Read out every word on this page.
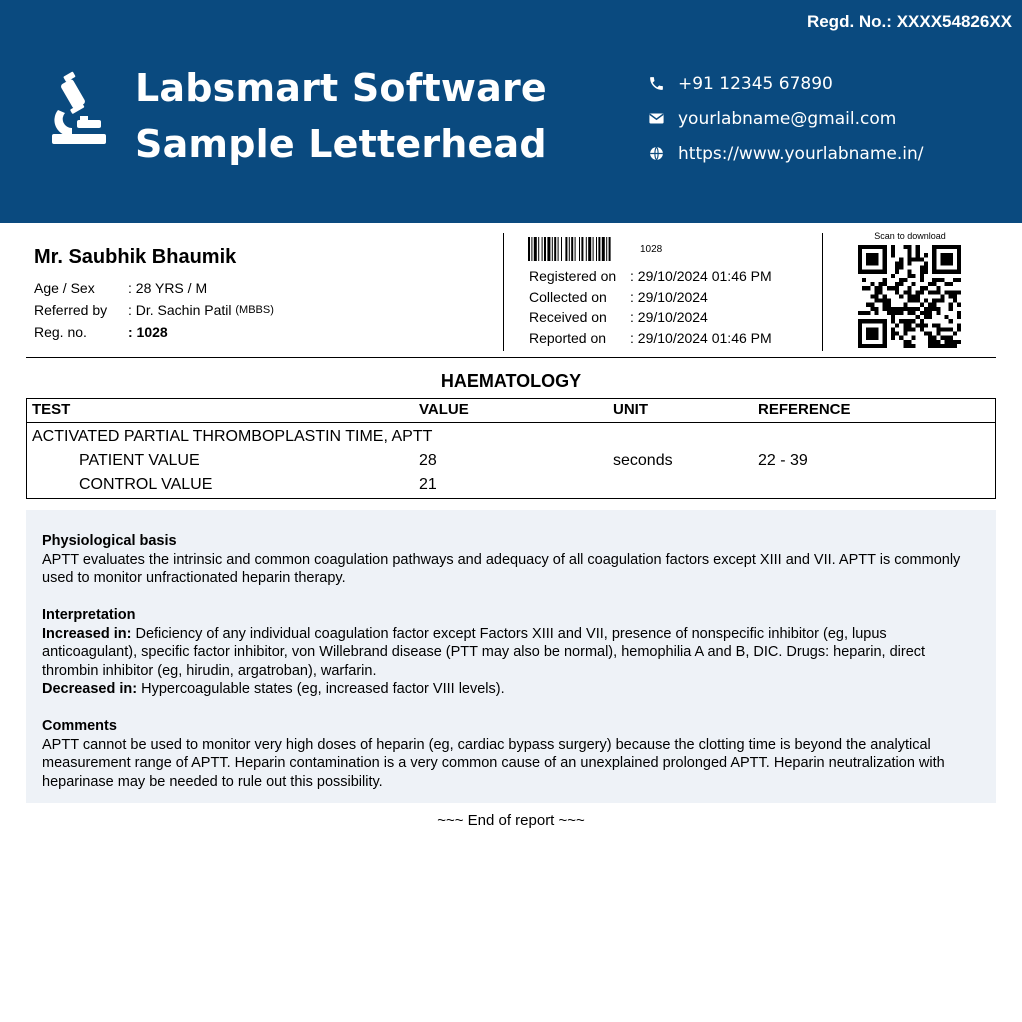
Regd. No.: XXXX54826XX
Labsmart Software
Sample Letterhead
+91 12345 67890
yourlabname@gmail.com
https://www.yourlabname.in/
Mr. Saubhik Bhaumik
Age / Sex	: 28 YRS / M
Referred by	: Dr. Sachin Patil
(MBBS)
Reg. no.	: 1028
1028
Registered on : 29/10/2024 01:46 PM
Collected on	: 29/10/2024
Received on	: 29/10/2024
Reported on	: 29/10/2024 01:46 PM
Scan to download
HAEMATOLOGY
TEST	VALUE	UNIT	REFERENCE
ACTIVATED PARTIAL THROMBOPLASTIN TIME, APTT
PATIENT VALUE	28	seconds	22 - 39
CONTROL VALUE	21
Physiological basis

APTT evaluates the intrinsic and common coagulation pathways and adequacy of all coagulation factors except XIII and VII. APTT is commonly used to monitor unfractionated heparin therapy.

Interpretation

Increased in: Deficiency of any individual coagulation factor except Factors XIII and VII, presence of nonspecific inhibitor (eg, lupus anticoagulant), specific factor inhibitor, von Willebrand disease (PTT may also be normal), hemophilia A and B, DIC. Drugs: heparin, direct thrombin inhibitor (eg, hirudin, argatroban), warfarin.

Decreased in: Hypercoagulable states (eg, increased factor VIII levels).

Comments

APTT cannot be used to monitor very high doses of heparin (eg, cardiac bypass surgery) because the clotting time is beyond the analytical measurement range of APTT. Heparin contamination is a very common cause of an unexplained prolonged APTT. Heparin neutralization with heparinase may be needed to rule out this possibility.

~~~ End of report ~~~
